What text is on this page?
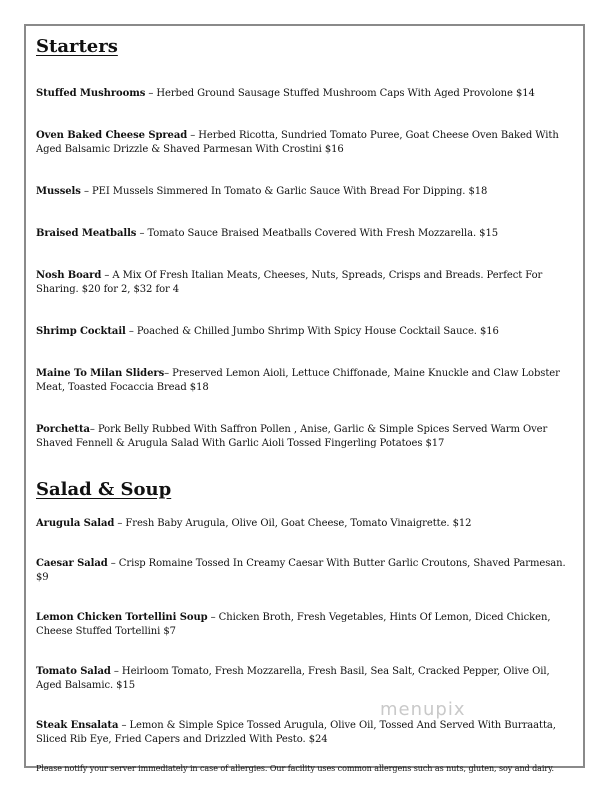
Starters

Stuffed Mushrooms – Herbed Ground Sausage Stuffed Mushroom Caps With Aged Provolone $14

Oven Baked Cheese Spread – Herbed Ricotta, Sundried Tomato Puree, Goat Cheese Oven Baked With Aged Balsamic Drizzle & Shaved Parmesan With Crostini $16

Mussels – PEI Mussels Simmered In Tomato & Garlic Sauce With Bread For Dipping. $18

Braised Meatballs – Tomato Sauce Braised Meatballs Covered With Fresh Mozzarella. $15

Nosh Board – A Mix Of Fresh Italian Meats, Cheeses, Nuts, Spreads, Crisps and Breads. Perfect For Sharing. $20 for 2, $32 for 4

Shrimp Cocktail – Poached & Chilled Jumbo Shrimp With Spicy House Cocktail Sauce. $16

Maine To Milan Sliders– Preserved Lemon Aioli, Lettuce Chiffonade, Maine Knuckle and Claw Lobster Meat, Toasted Focaccia Bread $18

Porchetta– Pork Belly Rubbed With Saffron Pollen , Anise, Garlic & Simple Spices Served Warm Over Shaved Fennell & Arugula Salad With Garlic Aioli Tossed Fingerling Potatoes $17

Salad & Soup

Arugula Salad – Fresh Baby Arugula, Olive Oil, Goat Cheese, Tomato Vinaigrette. $12

Caesar Salad – Crisp Romaine Tossed In Creamy Caesar With Butter Garlic Croutons, Shaved Parmesan. $9

Lemon Chicken Tortellini Soup – Chicken Broth, Fresh Vegetables, Hints Of Lemon, Diced Chicken, Cheese Stuffed Tortellini $7

Tomato Salad – Heirloom Tomato, Fresh Mozzarella, Fresh Basil, Sea Salt, Cracked Pepper, Olive Oil, Aged Balsamic. $15

Steak Ensalata – Lemon & Simple Spice Tossed Arugula, Olive Oil, Tossed And Served With Burraatta, Sliced Rib Eye, Fried Capers and Drizzled With Pesto. $24

Please notify your server immediately in case of allergies. Our facility uses common allergens such as nuts, gluten, soy and dairy.

menupix
